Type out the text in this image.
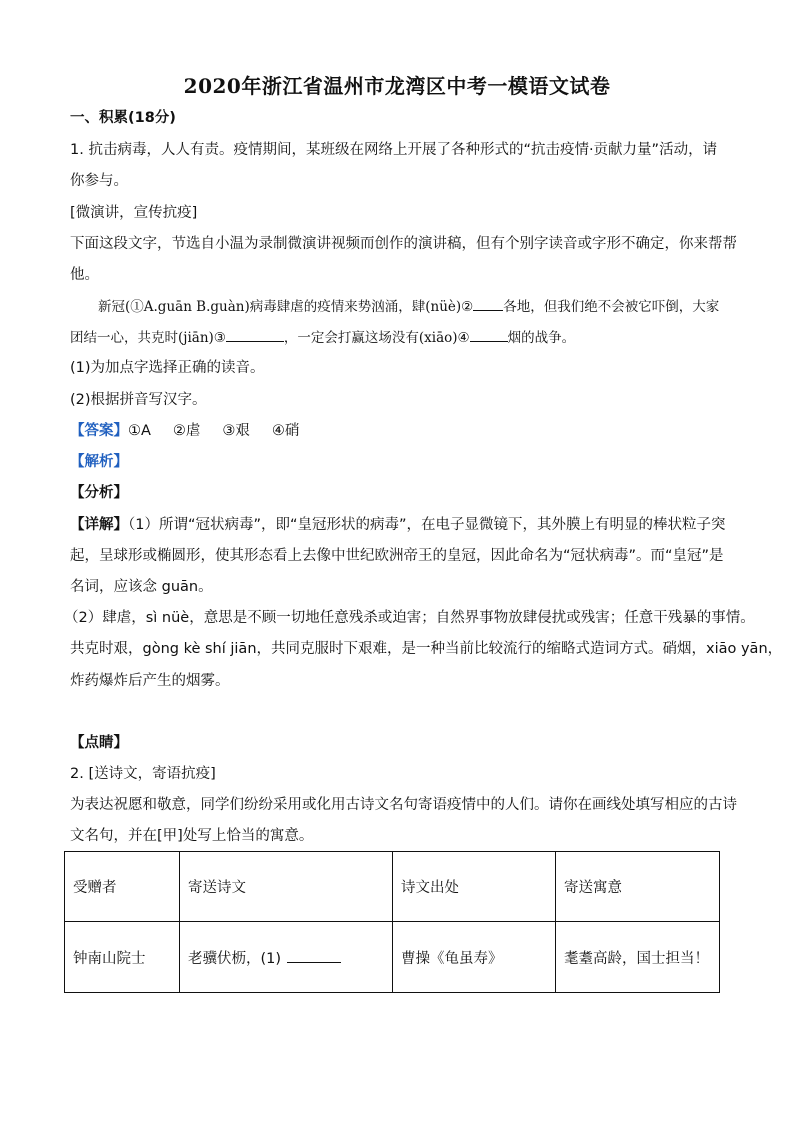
2020年浙江省温州市龙湾区中考一模语文试卷
一、积累(18分)
1. 抗击病毒，人人有责。疫情期间，某班级在网络上开展了各种形式的“抗击疫情·贡献力量”活动，请
你参与。
[微演讲，宣传抗疫]
下面这段文字，节选自小温为录制微演讲视频而创作的演讲稿，但有个别字读音或字形不确定，你来帮帮
他。
新冠(①A.guān B.guàn)病毒肆虐的疫情来势汹涌，肆(nüè)② 各地，但我们绝不会被它吓倒，大家
团结一心，共克时(jiān)③	，一定会打赢这场没有(xiāo)④	烟的战争。
(1)为加点字选择正确的读音。
(2)根据拼音写汉字。
【答案】①A ②虐 ③艰 ④硝
【解析】
【分析】
【详解】（1）所谓“冠状病毒”，即“皇冠形状的病毒”，在电子显微镜下，其外膜上有明显的棒状粒子突
起，呈球形或椭圆形，使其形态看上去像中世纪欧洲帝王的皇冠，因此命名为“冠状病毒”。而“皇冠”是
名词，应该念 guān。
（2）肆虐，sì nüè，意思是不顾一切地任意残杀或迫害；自然界事物放肆侵扰或残害；任意干残暴的事情。
共克时艰，gòng kè shí jiān，共同克服时下艰难，是一种当前比较流行的缩略式造词方式。硝烟，xiāo yān，
炸药爆炸后产生的烟雾。
【点睛】
2. [送诗文，寄语抗疫]
为表达祝愿和敬意，同学们纷纷采用或化用古诗文名句寄语疫情中的人们。请你在画线处填写相应的古诗
文名句，并在[甲]处写上恰当的寓意。
受赠者	寄送诗文	诗文出处	寄送寓意
钟南山院士	老骥伏枥，(1)	曹操《龟虽寿》	耄耋高龄，国士担当！
